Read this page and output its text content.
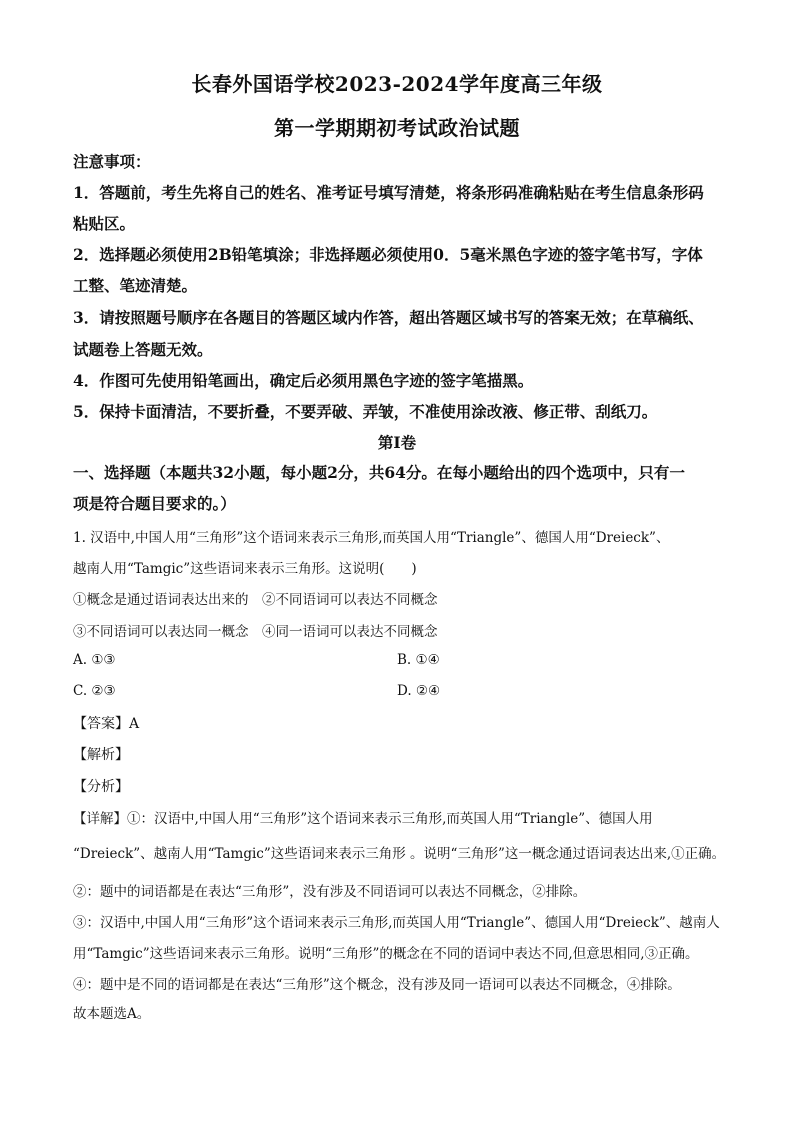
长春外国语学校2023-2024学年度高三年级
第一学期期初考试政治试题
注意事项：
1．答题前，考生先将自己的姓名、准考证号填写清楚，将条形码准确粘贴在考生信息条形码
粘贴区。
2．选择题必须使用2B铅笔填涂；非选择题必须使用0．5毫米黑色字迹的签字笔书写，字体
工整、笔迹清楚。
3．请按照题号顺序在各题目的答题区域内作答，超出答题区域书写的答案无效；在草稿纸、
试题卷上答题无效。
4．作图可先使用铅笔画出，确定后必须用黑色字迹的签字笔描黑。
5．保持卡面清洁，不要折叠，不要弄破、弄皱，不准使用涂改液、修正带、刮纸刀。
第Ⅰ卷
一、选择题（本题共32小题，每小题2分，共64分。在每小题给出的四个选项中，只有一
项是符合题目要求的。）
1. 汉语中,中国人用“三角形”这个语词来表示三角形,而英国人用“Triangle”、德国人用“Dreieck”、
越南人用“Tamgic”这些语词来表示三角形。这说明(　　)
①概念是通过语词表达出来的　②不同语词可以表达不同概念
③不同语词可以表达同一概念　④同一语词可以表达不同概念
A. ①③	B. ①④
C. ②③	D. ②④
【答案】A
【解析】
【分析】
【详解】①：汉语中,中国人用“三角形”这个语词来表示三角形,而英国人用“Triangle”、德国人用
“Dreieck”、越南人用“Tamgic”这些语词来表示三角形 。说明“三角形”这一概念通过语词表达出来,①正确。
②：题中的词语都是在表达“三角形”，没有涉及不同语词可以表达不同概念，②排除。
③：汉语中,中国人用“三角形”这个语词来表示三角形,而英国人用“Triangle”、德国人用“Dreieck”、越南人
用“Tamgic”这些语词来表示三角形。说明“三角形”的概念在不同的语词中表达不同,但意思相同,③正确。
④：题中是不同的语词都是在表达“三角形”这个概念，没有涉及同一语词可以表达不同概念，④排除。
故本题选A。
